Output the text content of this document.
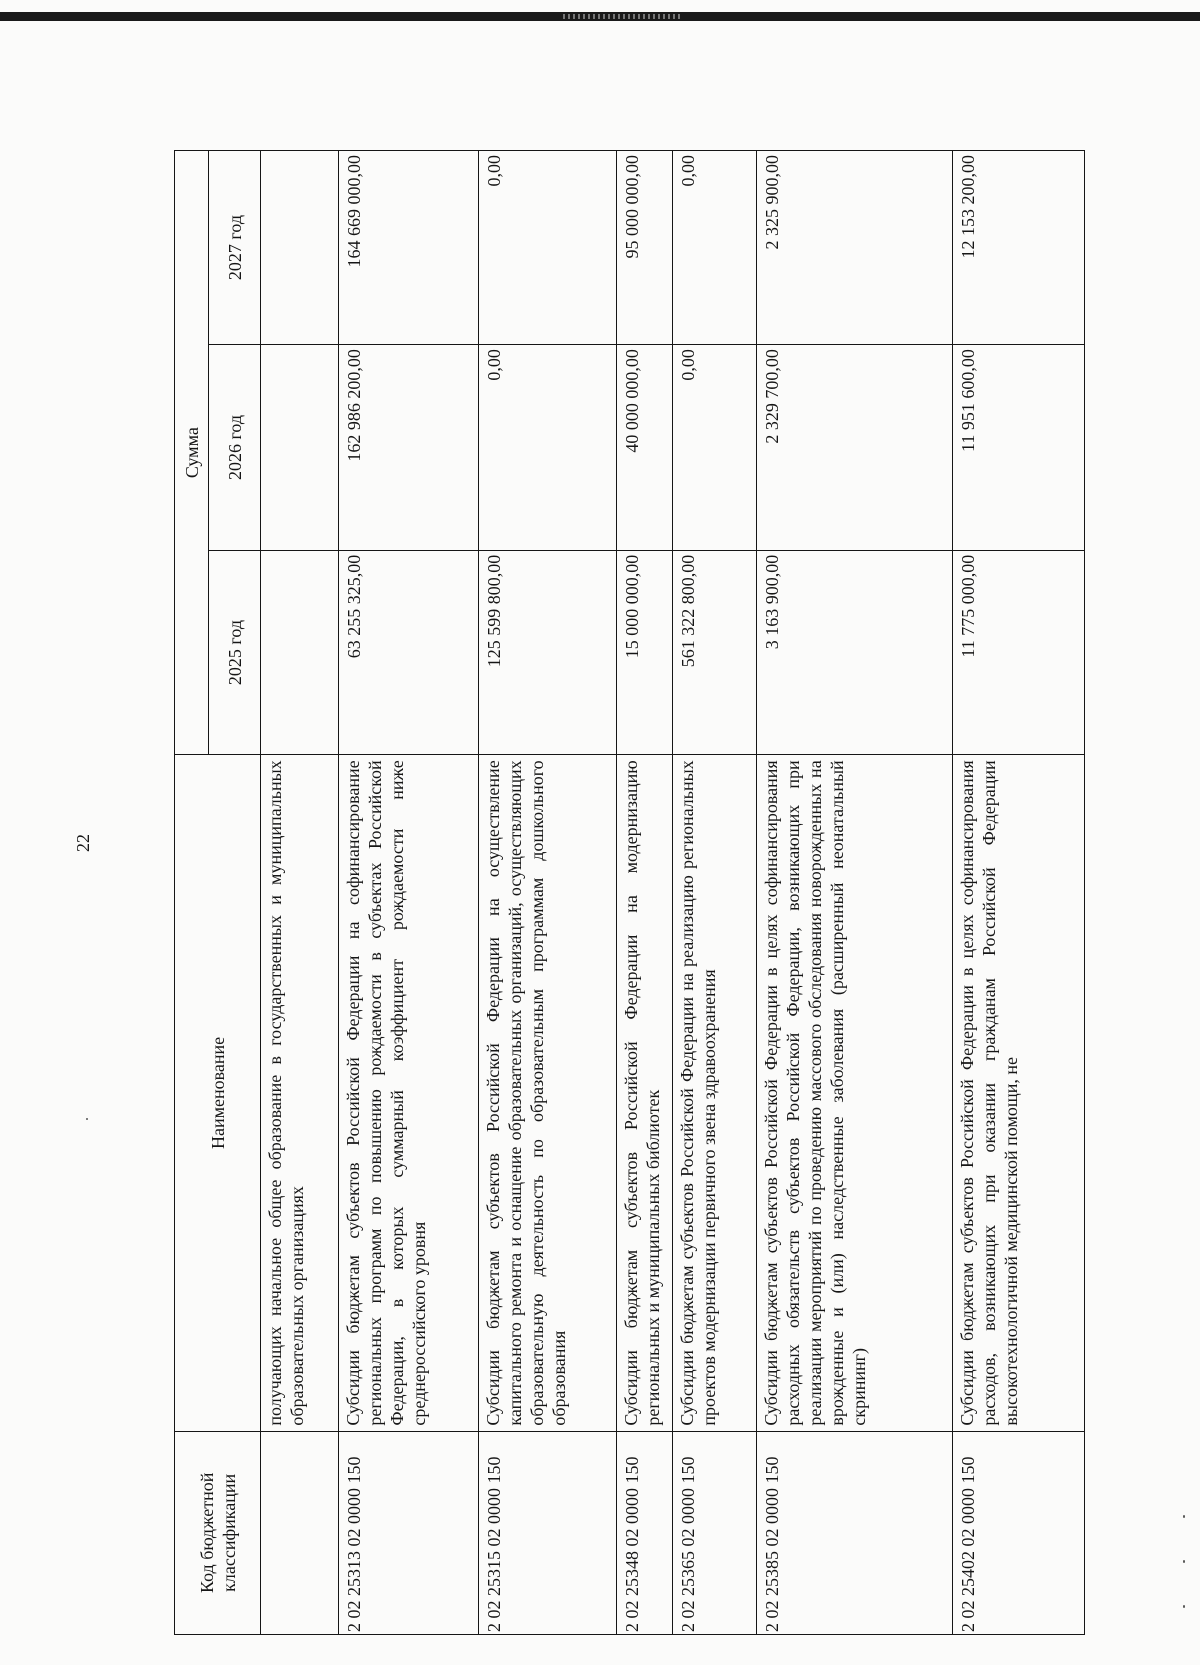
22
Код бюджетной классификации	Наименование	Сумма		
		2025 год	2026 год	2027 год
	получающих начальное общее образование в государственных и муниципальных образовательных организациях			
2 02 25313 02 0000 150	Субсидии бюджетам субъектов Российской Федерации на софинансирование региональных программ по повышению рождаемости в субъектах Российской Федерации, в которых суммарный коэффициент рождаемости ниже среднероссийского уровня	63 255 325,00	162 986 200,00	164 669 000,00
2 02 25315 02 0000 150	Субсидии бюджетам субъектов Российской Федерации на осуществление капитального ремонта и оснащение образовательных организаций, осуществляющих образовательную деятельность по образовательным программам дошкольного образования	125 599 800,00	0,00	0,00
2 02 25348 02 0000 150	Субсидии бюджетам субъектов Российской Федерации на модернизацию региональных и муниципальных библиотек	15 000 000,00	40 000 000,00	95 000 000,00
2 02 25365 02 0000 150	Субсидии бюджетам субъектов Российской Федерации на реализацию региональных проектов модернизации первичного звена здравоохранения	561 322 800,00	0,00	0,00
2 02 25385 02 0000 150	Субсидии бюджетам субъектов Российской Федерации в целях софинансирования расходных обязательств субъектов Российской Федерации, возникающих при реализации мероприятий по проведению массового обследования новорожденных на врожденные и (или) наследственные заболевания (расширенный неонатальный скрининг)	3 163 900,00	2 329 700,00	2 325 900,00
2 02 25402 02 0000 150	Субсидии бюджетам субъектов Российской Федерации в целях софинансирования расходов, возникающих при оказании гражданам Российской Федерации высокотехнологичной медицинской помощи, не	11 775 000,00	11 951 600,00	12 153 200,00
